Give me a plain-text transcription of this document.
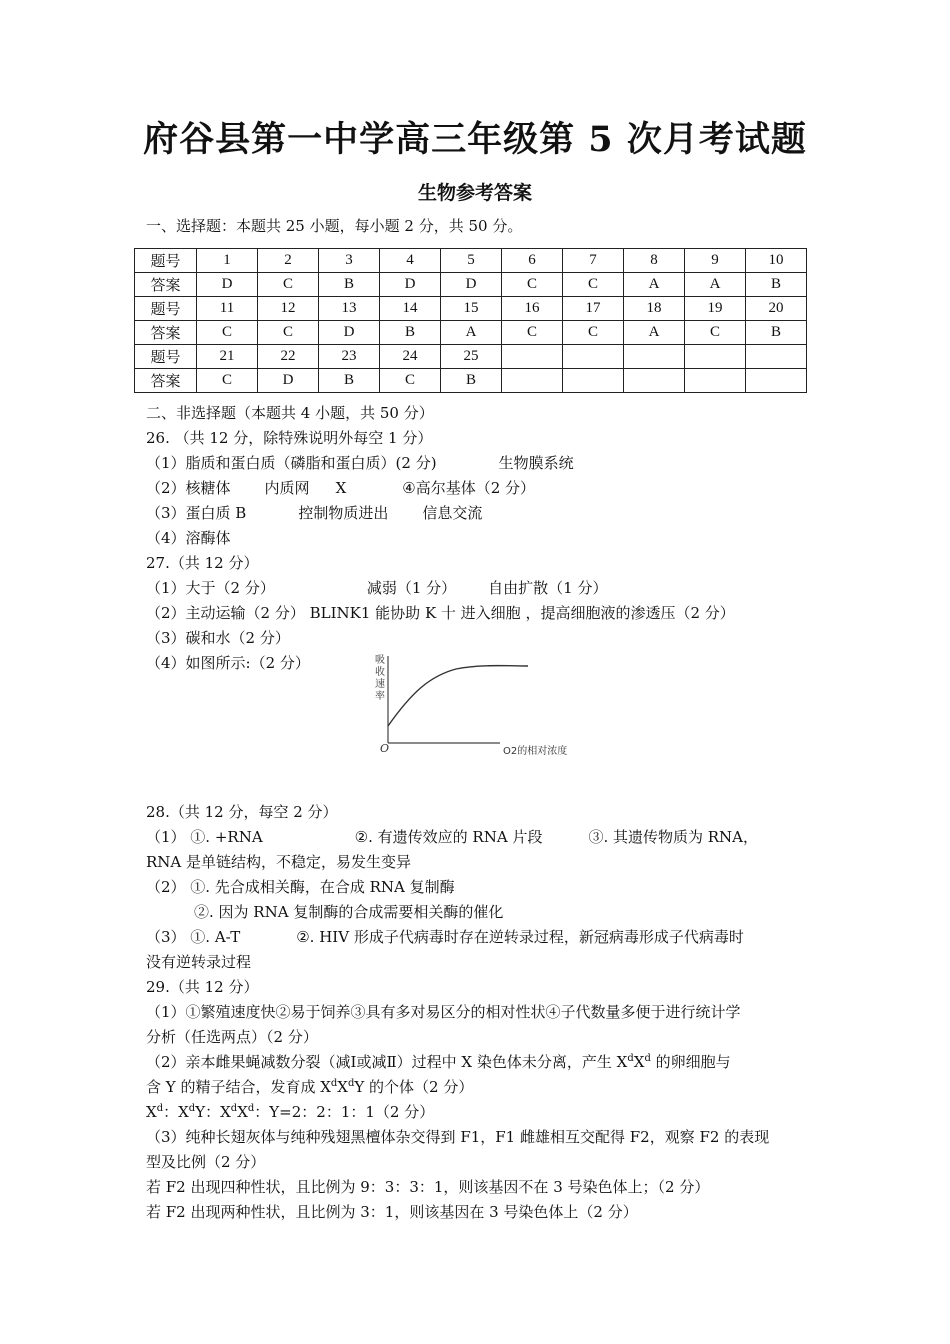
府谷县第一中学高三年级第 5 次月考试题
生物参考答案
一、选择题：本题共 25 小题，每小题 2 分，共 50 分。
题号	1	2	3	4	5	6	7	8	9	10
答案	D	C	B	D	D	C	C	A	A	B
题号	11	12	13	14	15	16	17	18	19	20
答案	C	C	D	B	A	C	C	A	C	B
题号	21	22	23	24	25					
答案	C	D	B	C	B					
二、非选择题（本题共 4 小题，共 50 分）
26. （共 12 分，除特殊说明外每空 1 分）
（1）脂质和蛋白质（磷脂和蛋白质）(2 分)	生物膜系统
（2）核糖体 内质网 X	④高尔基体（2 分）
（3）蛋白质 B	控制物质进出 信息交流
（4）溶酶体
27.（共 12 分）
（1）大于（2 分）	减弱（1 分） 自由扩散（1 分）
（2）主动运输（2 分） BLINK1 能协助 K 十 进入细胞 ，提高细胞液的渗透压（2 分）
（3）碳和水（2 分）
（4）如图所示:（2 分）	吸
收
速
率
O	O2的相对浓度
28.（共 12 分，每空 2 分）
（1） ①. +RNA	②. 有遗传效应的 RNA 片段	③. 其遗传物质为 RNA，
RNA 是单链结构，不稳定，易发生变异
（2） ①. 先合成相关酶，在合成 RNA 复制酶
②. 因为 RNA 复制酶的合成需要相关酶的催化
（3） ①. A-T	②. HIV 形成子代病毒时存在逆转录过程，新冠病毒形成子代病毒时
没有逆转录过程
29.（共 12 分）
（1）①繁殖速度快②易于饲养③具有多对易区分的相对性状④子代数量多便于进行统计学
分析（任选两点）（2 分）
（2）亲本雌果蝇减数分裂（减Ⅰ或减Ⅱ）过程中 X 染色体未分离，产生 $X^dX^d$ 的卵细胞与
含 Y 的精子结合，发育成 $X^dX^dY$ 的个体（2 分）
$X^d$：$X^dY$：$X^dX^d$：Y=2：2：1：1（2 分）
（3）纯种长翅灰体与纯种残翅黑檀体杂交得到 F1，F1 雌雄相互交配得 F2，观察 F2 的表现
型及比例（2 分）
若 F2 出现四种性状，且比例为 9：3：3：1，则该基因不在 3 号染色体上；（2 分）
若 F2 出现两种性状，且比例为 3：1，则该基因在 3 号染色体上（2 分）
